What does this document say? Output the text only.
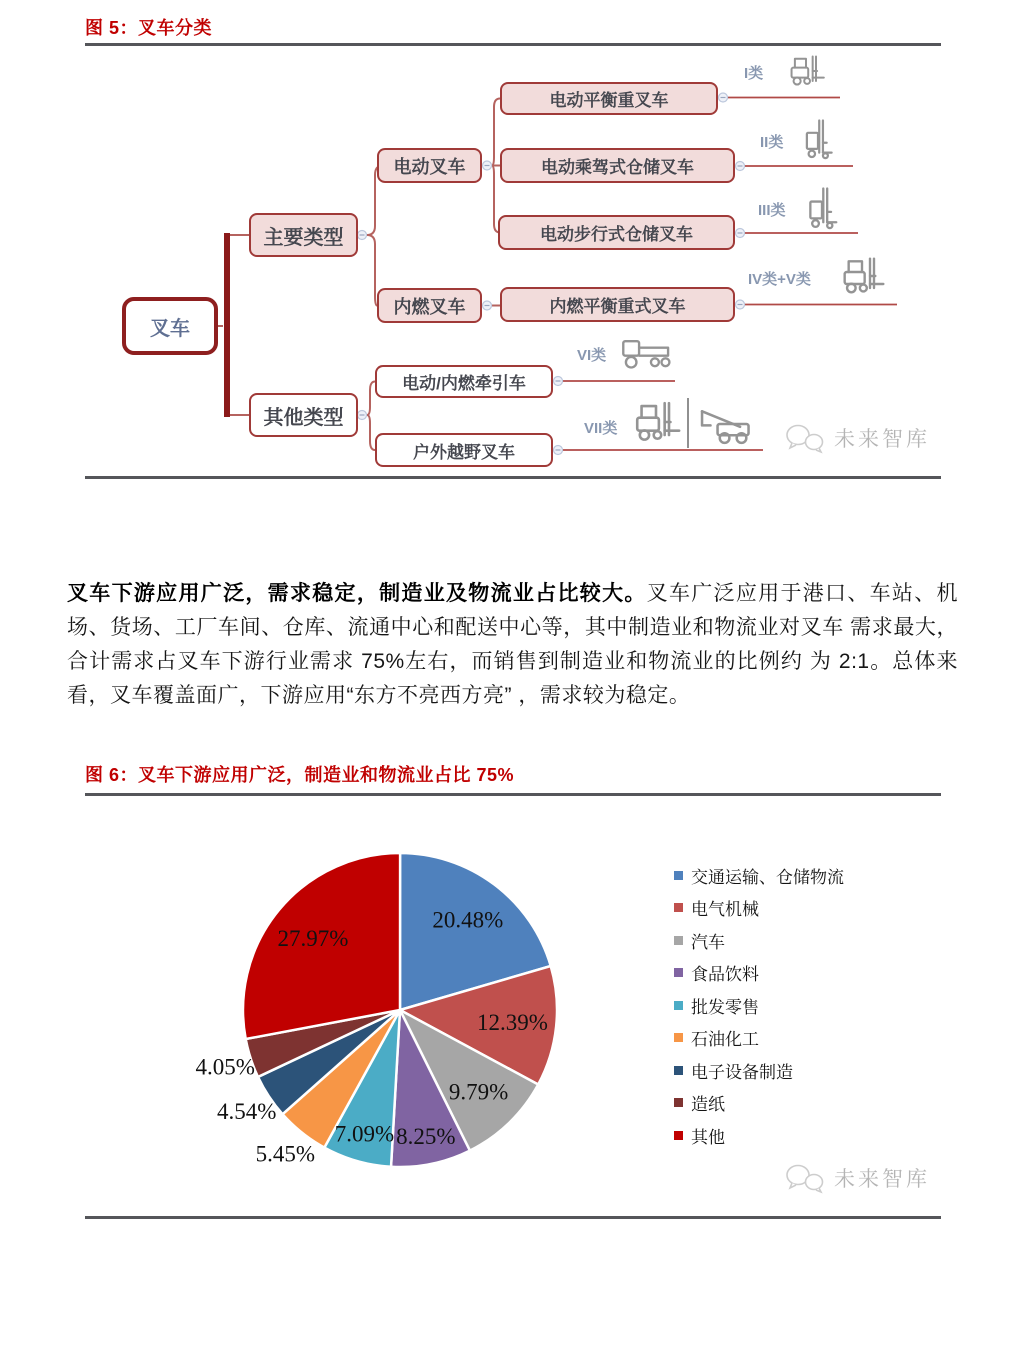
图 5：叉车分类
叉车
主要类型
其他类型
电动叉车
内燃叉车
电动平衡重叉车
电动乘驾式仓储叉车
电动步行式仓储叉车
内燃平衡重式叉车
电动/内燃牵引车
户外越野叉车
I类
II类
III类
IV类+V类
VI类
VII类	未来智库

叉车下游应用广泛，需求稳定，制造业及物流业占比较大。叉车广泛应用于港口、车站、机场、货场、工厂车间、仓库、流通中心和配送中心等，其中制造业和物流业对叉车 需求最大，合计需求占叉车下游行业需求 75%左右，而销售到制造业和物流业的比例约 为 2:1。总体来看，叉车覆盖面广，下游应用“东方不亮西方亮” ，需求较为稳定。

图 6：叉车下游应用广泛，制造业和物流业占比 75%
20.48%
12.39%
9.79%
8.25%
7.09%
5.45%
4.54%
4.05%
27.97%
交通运输、仓储物流
电气机械
汽车
食品饮料
批发零售
石油化工
电子设备制造
造纸
其他
未来智库
